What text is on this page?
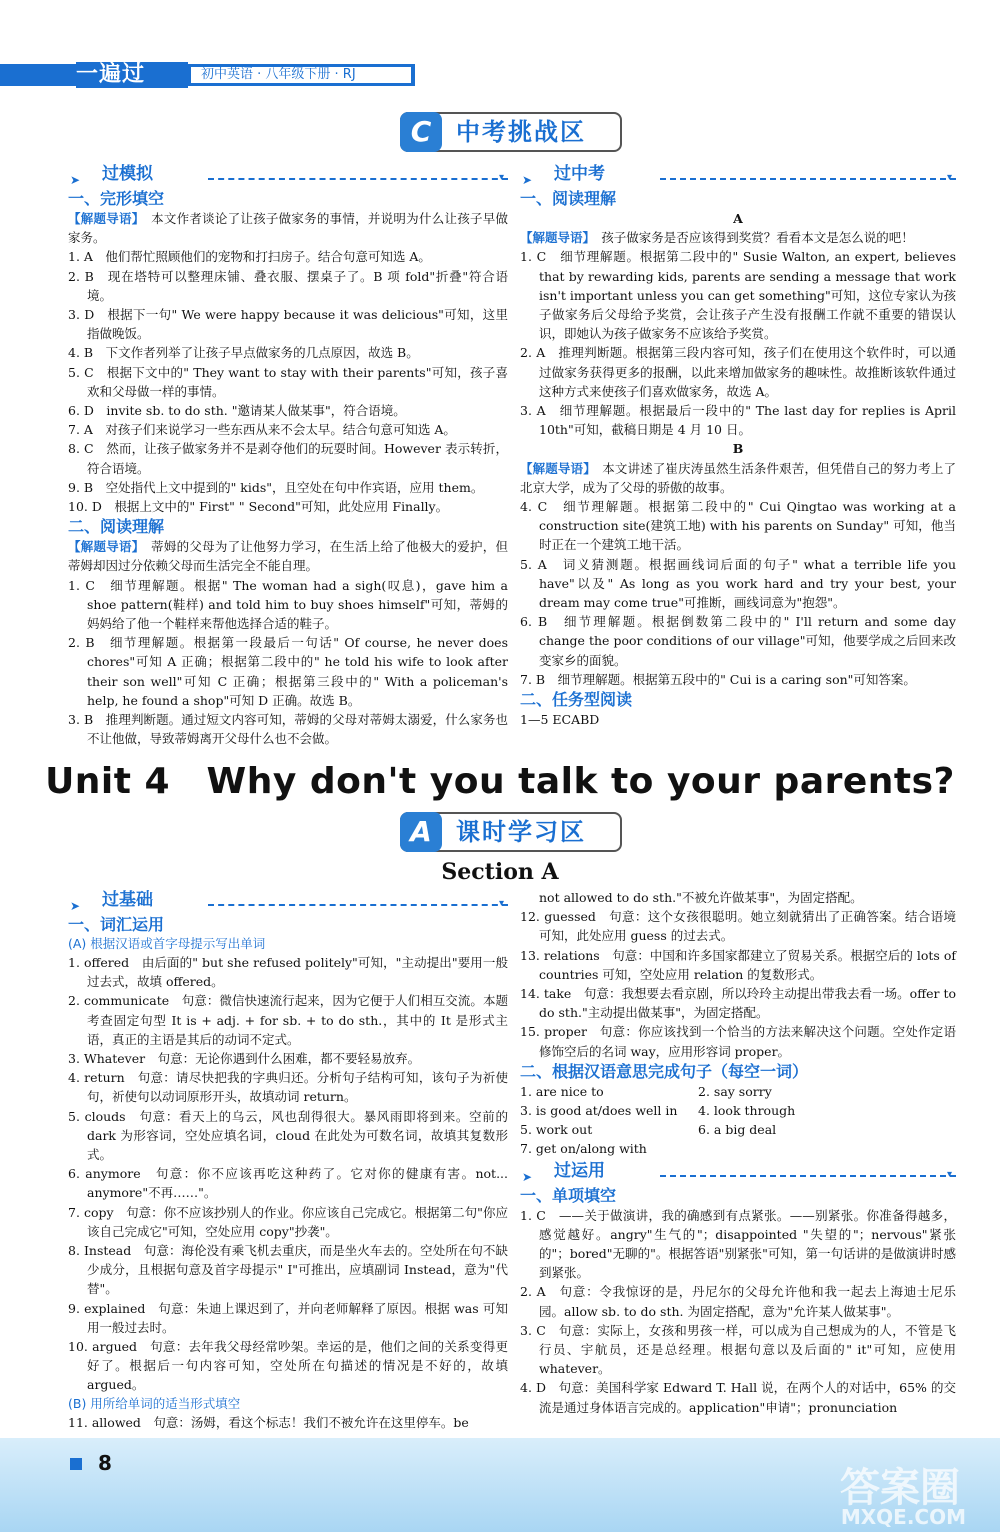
一遍过	初中英语 · 八年级下册 · RJ
C	中考挑战区
➤ 过模拟	▾
一、完形填空
【解题导语】　 本文作者谈论了让孩子做家务的事情，并说明为什么让孩子早做家务。
1. A　他们帮忙照顾他们的宠物和打扫房子。结合句意可知选 A。
2. B　现在塔特可以整理床铺、叠衣服、摆桌子了。B 项 fold"折叠"符合语境。
3. D　根据下一句" We were happy because it was delicious"可知，这里指做晚饭。
4. B　下文作者列举了让孩子早点做家务的几点原因，故选 B。
5. C　根据下文中的" They want to stay with their parents"可知，孩子喜欢和父母做一样的事情。
6. D　invite sb. to do sth. "邀请某人做某事"，符合语境。
7. A　对孩子们来说学习一些东西从来不会太早。结合句意可知选 A。
8. C　然而，让孩子做家务并不是剥夺他们的玩耍时间。However 表示转折，符合语境。
9. B　空处指代上文中提到的" kids"，且空处在句中作宾语，应用 them。
10. D　根据上文中的" First" " Second"可知，此处应用 Finally。
二、阅读理解
【解题导语】　 蒂姆的父母为了让他努力学习，在生活上给了他极大的爱护，但蒂姆却因过分依赖父母而生活完全不能自理。
1. C　细节理解题。根据" The woman had a sigh(叹息)，gave him a shoe pattern(鞋样) and told him to buy shoes himself"可知，蒂姆的妈妈给了他一个鞋样来帮他选择合适的鞋子。
2. B　细节理解题。根据第一段最后一句话" Of course, he never does chores"可知 A 正确；根据第二段中的" he told his wife to look after their son well"可知 C 正确；根据第三段中的" With a policeman's help, he found a shop"可知 D 正确。故选 B。
3. B　推理判断题。通过短文内容可知，蒂姆的父母对蒂姆太溺爱，什么家务也不让他做，导致蒂姆离开父母什么也不会做。
➤ 过中考	▾
一、阅读理解
A
【解题导语】　 孩子做家务是否应该得到奖赏？看看本文是怎么说的吧！
1. C　细节理解题。根据第二段中的" Susie Walton, an expert, believes that by rewarding kids, parents are sending a message that work isn't important unless you can get something"可知，这位专家认为孩子做家务后父母给予奖赏，会让孩子产生没有报酬工作就不重要的错误认识，即她认为孩子做家务不应该给予奖赏。
2. A　推理判断题。根据第三段内容可知，孩子们在使用这个软件时，可以通过做家务获得更多的报酬，以此来增加做家务的趣味性。故推断该软件通过这种方式来使孩子们喜欢做家务，故选 A。
3. A　细节理解题。根据最后一段中的" The last day for replies is April 10th"可知，截稿日期是 4 月 10 日。
B
【解题导语】　 本文讲述了崔庆涛虽然生活条件艰苦，但凭借自己的努力考上了北京大学，成为了父母的骄傲的故事。
4. C　细节理解题。根据第二段中的" Cui Qingtao was working at a construction site(建筑工地) with his parents on Sunday" 可知，他当时正在一个建筑工地干活。
5. A　词义猜测题。根据画线词后面的句子" what a terrible life you have"以及" As long as you work hard and try your best, your dream may come true"可推断，画线词意为"抱怨"。
6. B　细节理解题。根据倒数第二段中的" I'll return and some day change the poor conditions of our village"可知，他要学成之后回来改变家乡的面貌。
7. B　细节理解题。根据第五段中的" Cui is a caring son"可知答案。
二、任务型阅读
1—5 ECABD
Unit 4　Why don't you talk to your parents?
A	课时学习区
Section A
➤ 过基础	▾
一、词汇运用
(A) 根据汉语或首字母提示写出单词
1. offered　由后面的" but she refused politely"可知，"主动提出"要用一般过去式，故填 offered。
2. communicate　句意：微信快速流行起来，因为它便于人们相互交流。本题考查固定句型 It is + adj. + for sb. + to do sth.，其中的 It 是形式主语，真正的主语是其后的动词不定式。
3. Whatever　句意：无论你遇到什么困难，都不要轻易放弃。
4. return　句意：请尽快把我的字典归还。分析句子结构可知，该句子为祈使句，祈使句以动词原形开头，故填动词 return。
5. clouds　句意：看天上的乌云，风也刮得很大。暴风雨即将到来。空前的 dark 为形容词，空处应填名词，cloud 在此处为可数名词，故填其复数形式。
6. anymore　句意：你不应该再吃这种药了。它对你的健康有害。not... anymore"不再……"。
7. copy　句意：你不应该抄别人的作业。你应该自己完成它。根据第二句"你应该自己完成它"可知，空处应用 copy"抄袭"。
8. Instead　句意：海伦没有乘飞机去重庆，而是坐火车去的。空处所在句不缺少成分，且根据句意及首字母提示" I"可推出，应填副词 Instead，意为"代替"。
9. explained　句意：朱迪上课迟到了，并向老师解释了原因。根据 was 可知用一般过去时。
10. argued　句意：去年我父母经常吵架。幸运的是，他们之间的关系变得更好了。根据后一句内容可知，空处所在句描述的情况是不好的，故填 argued。
(B) 用所给单词的适当形式填空
11. allowed　句意：汤姆，看这个标志！我们不被允许在这里停车。be
not allowed to do sth."不被允许做某事"，为固定搭配。
12. guessed　句意：这个女孩很聪明。她立刻就猜出了正确答案。结合语境可知，此处应用 guess 的过去式。
13. relations　句意：中国和许多国家都建立了贸易关系。根据空后的 lots of countries 可知，空处应用 relation 的复数形式。
14. take　句意：我想要去看京剧，所以玲玲主动提出带我去看一场。offer to do sth."主动提出做某事"，为固定搭配。
15. proper　句意：你应该找到一个恰当的方法来解决这个问题。空处作定语修饰空后的名词 way，应用形容词 proper。
二、根据汉语意思完成句子（每空一词）
1. are nice to	2. say sorry
3. is good at/does well in	4. look through
5. work out	6. a big deal
7. get on/along with
➤ 过运用	▾
一、单项填空
1. C　——关于做演讲，我的确感到有点紧张。——别紧张。你准备得越多，感觉越好。angry"生气的"；disappointed "失望的"；nervous"紧张的"；bored"无聊的"。根据答语"别紧张"可知，第一句话讲的是做演讲时感到紧张。
2. A　句意：令我惊讶的是，丹尼尔的父母允许他和我一起去上海迪士尼乐园。allow sb. to do sth. 为固定搭配，意为"允许某人做某事"。
3. C　句意：实际上，女孩和男孩一样，可以成为自己想成为的人，不管是飞行员、宇航员，还是总经理。根据句意以及后面的" it"可知，应使用 whatever。
4. D　句意：美国科学家 Edward T. Hall 说，在两个人的对话中，65% 的交流是通过身体语言完成的。application"申请"；pronunciation
8
答案圈
MXQE.COM
